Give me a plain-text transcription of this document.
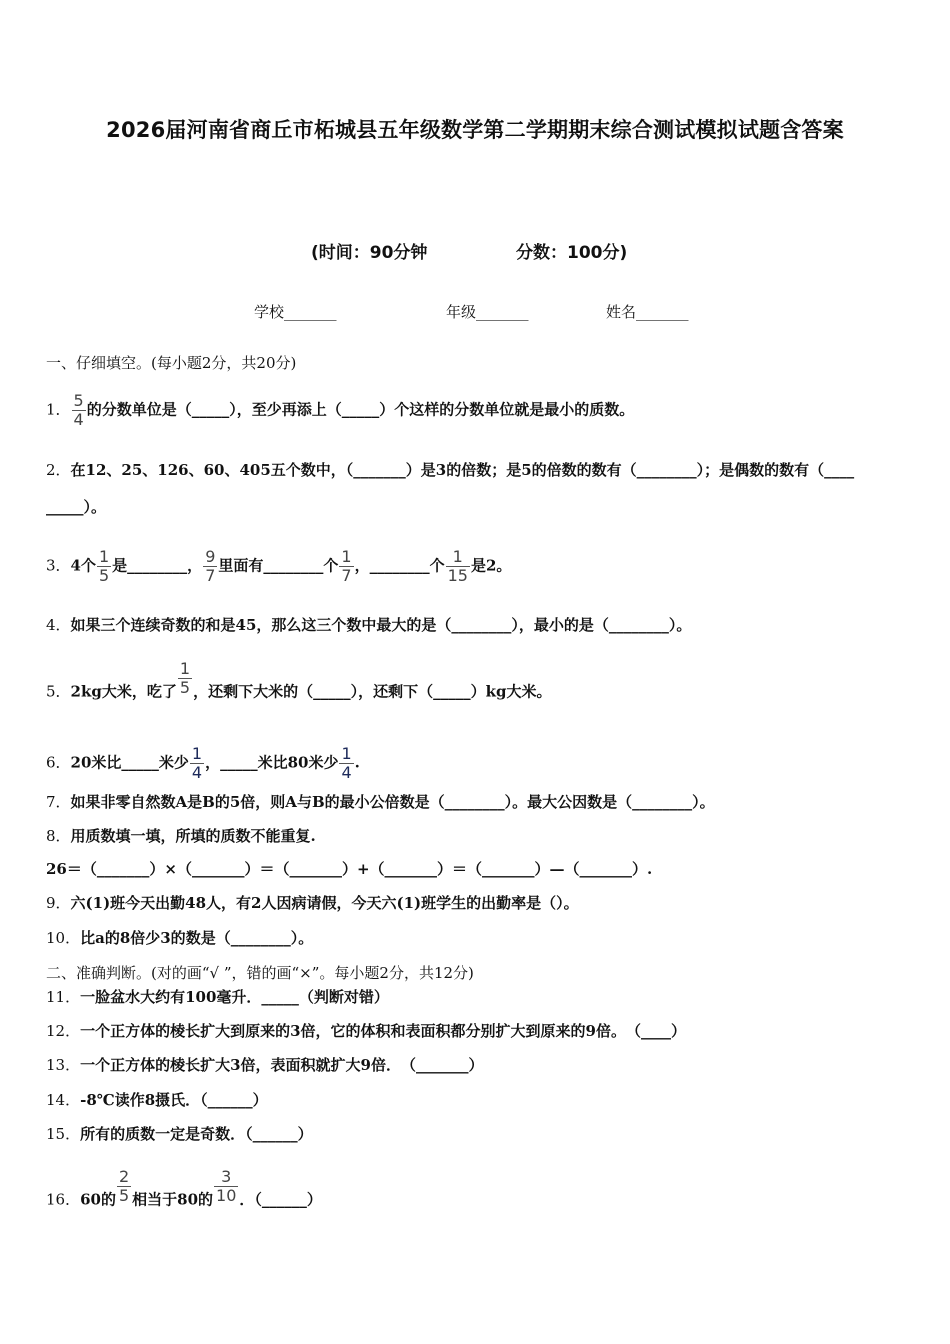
2026届河南省商丘市柘城县五年级数学第二学期期末综合测试模拟试题含答案
(时间：90分钟	分数：100分)
学校_______	年级_______	姓名_______
一、仔细填空。(每小题2分，共20分)
1． $\frac{5}{4}$ 的分数单位是（_____），至少再添上（_____）个这样的分数单位就是最小的质数。
2．在12、25、126、60、405五个数中，（_______）是3的倍数；是5的倍数的数有（________）；是偶数的数有（____
_____）。
3．4个 $\frac{1}{5}$ 是________， $\frac{9}{7}$ 里面有________个 $\frac{1}{7}$ ，________个 $\frac{1}{15}$ 是2。
4．如果三个连续奇数的和是45，那么这三个数中最大的是（________），最小的是（________）。
5．2kg大米，吃了 $\frac{1}{5}$ ，还剩下大米的（_____），还剩下（_____）kg大米。
6．20米比_____米少 $\frac{1}{4}$ ，_____米比80米少 $\frac{1}{4}$ .
7．如果非零自然数A是B的5倍，则A与B的最小公倍数是（________）。最大公因数是（________）。
8．用质数填一填，所填的质数不能重复.
26＝（_______）×（_______）＝（_______）+（_______）＝（_______）—（_______）.
9．六(1)班今天出勤48人，有2人因病请假，今天六(1)班学生的出勤率是（）。
10．比a的8倍少3的数是（________）。
二、准确判断。(对的画“√ ”，错的画“×”。每小题2分，共12分)
11．一脸盆水大约有100毫升．_____（判断对错）
12．一个正方体的棱长扩大到原来的3倍，它的体积和表面积都分别扩大到原来的9倍。　（____）
13．一个正方体的棱长扩大3倍，表面积就扩大9倍．　（_______）
14．-8℃读作8摄氏．（______）
15．所有的质数一定是奇数．（______）
16．60的 $\frac{2}{5}$ 相当于80的 $\frac{3}{10}$ ．（______）
